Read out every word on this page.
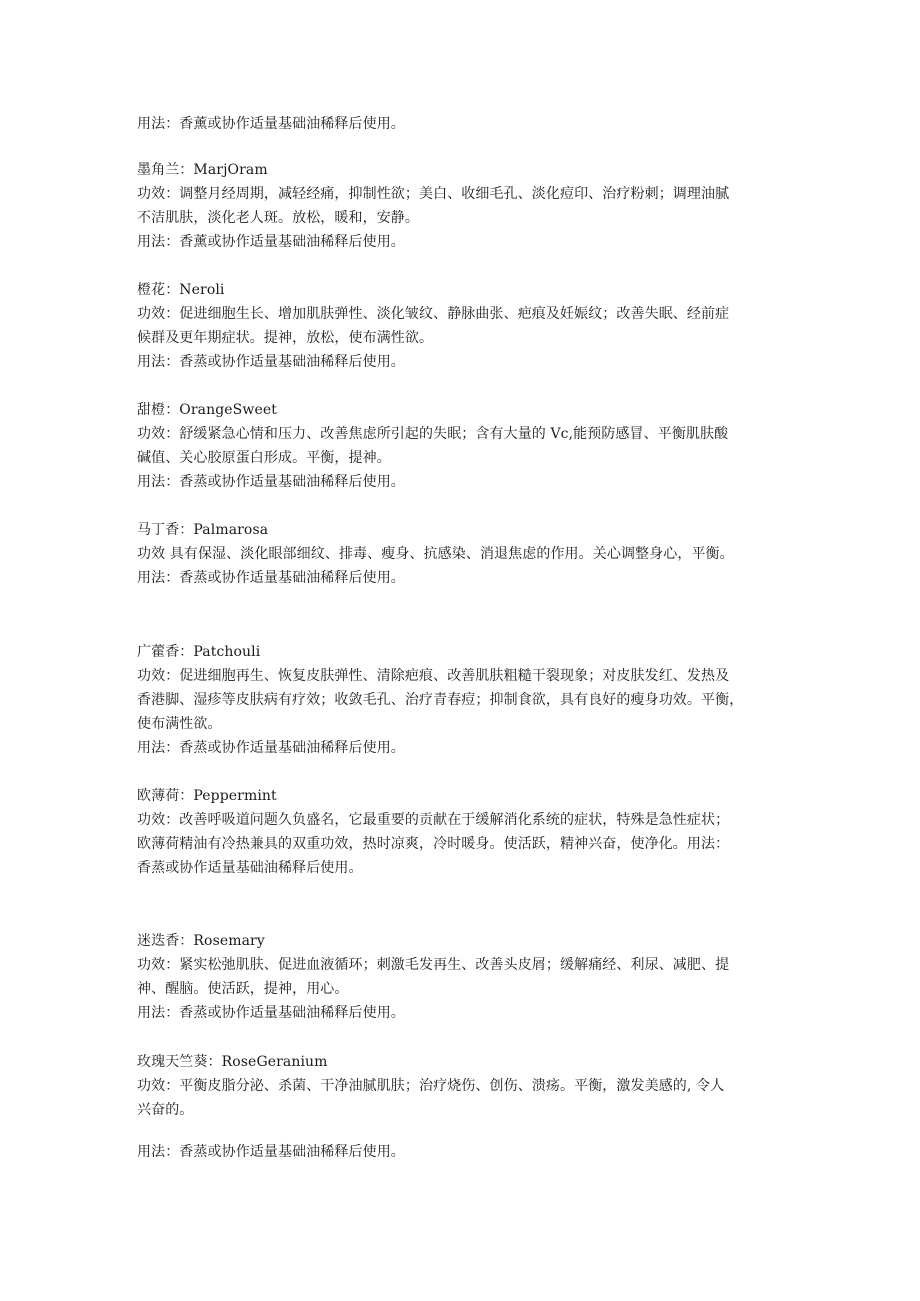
用法：香薰或协作适量基础油稀释后使用。
墨角兰：MarjOram
功效：调整月经周期，减轻经痛，抑制性欲；美白、收细毛孔、淡化痘印、治疗粉刺；调理油腻
不洁肌肤，淡化老人斑。放松，暖和，安静。
用法：香薰或协作适量基础油稀释后使用。
橙花：Neroli
功效：促进细胞生长、增加肌肤弹性、淡化皱纹、静脉曲张、疤痕及妊娠纹；改善失眠、经前症
候群及更年期症状。提神，放松，使布满性欲。
用法：香蒸或协作适量基础油稀释后使用。
甜橙：OrangeSweet
功效：舒缓紧急心情和压力、改善焦虑所引起的失眠；含有大量的 Vc,能预防感冒、平衡肌肤酸
碱值、关心胶原蛋白形成。平衡，提神。
用法：香蒸或协作适量基础油稀释后使用。
马丁香：Palmarosa
功效 具有保湿、淡化眼部细纹、排毒、瘦身、抗感染、消退焦虑的作用。关心调整身心，平衡。
用法：香蒸或协作适量基础油稀释后使用。
广藿香：Patchouli
功效：促进细胞再生、恢复皮肤弹性、清除疤痕、改善肌肤粗糙干裂现象；对皮肤发红、发热及
香港脚、湿疹等皮肤病有疗效；收敛毛孔、治疗青春痘；抑制食欲，具有良好的瘦身功效。平衡，
使布满性欲。
用法：香蒸或协作适量基础油稀释后使用。
欧薄荷：Peppermint
功效：改善呼吸道问题久负盛名，它最重要的贡献在于缓解消化系统的症状，特殊是急性症状；
欧薄荷精油有冷热兼具的双重功效，热时凉爽，冷时暖身。使活跃，精神兴奋，使净化。用法：
香蒸或协作适量基础油稀释后使用。
迷迭香：Rosemary
功效：紧实松弛肌肤、促进血液循环；刺激毛发再生、改善头皮屑；缓解痛经、利尿、减肥、提
神、醒脑。使活跃，提神，用心。
用法：香蒸或协作适量基础油稀释后使用。
玫瑰天竺葵：RoseGeranium
功效：平衡皮脂分泌、杀菌、干净油腻肌肤；治疗烧伤、创伤、溃疡。平衡，激发美感的, 令人
兴奋的。
用法：香蒸或协作适量基础油稀释后使用。
